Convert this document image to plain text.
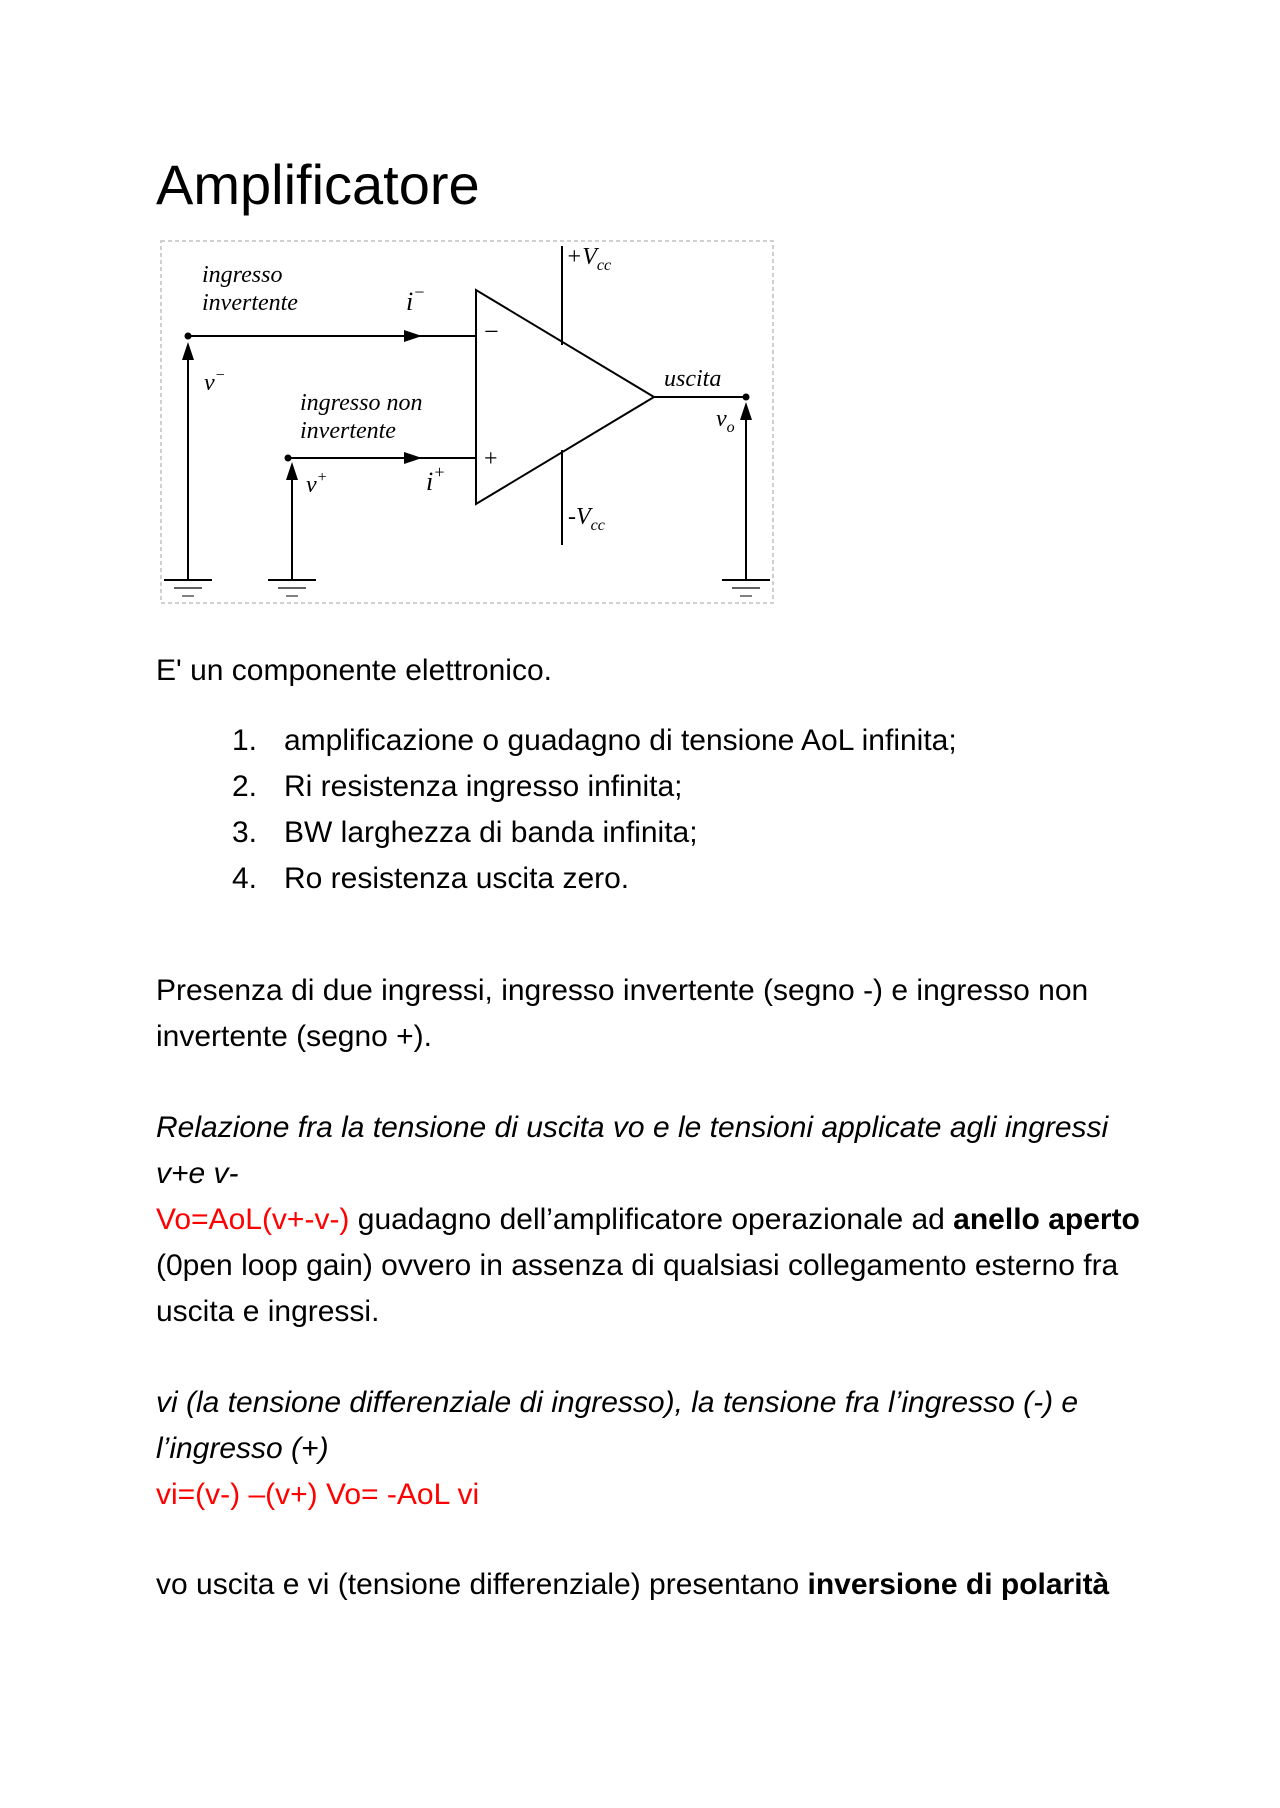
Amplificatore
ingresso
invertente	i−
v−
ingresso non
invertente
v+	i+
−
+
$+V_{cc}$
$-V_{cc}$
uscita
$v_o$

E' un componente elettronico.

1. amplificazione o guadagno di tensione AoL infinita;
2. Ri resistenza ingresso infinita;
3. BW larghezza di banda infinita;
4. Ro resistenza uscita zero.

Presenza di due ingressi, ingresso invertente (segno -) e ingresso non invertente (segno +).

Relazione fra la tensione di uscita vo e le tensioni applicate agli ingressi v+e v-
Vo=AoL(v+-v-) guadagno dell’amplificatore operazionale ad anello aperto (0pen loop gain) ovvero in assenza di qualsiasi collegamento esterno fra uscita e ingressi.

vi (la tensione differenziale di ingresso), la tensione fra l’ingresso (-) e l’ingresso (+)
vi=(v-) –(v+) Vo= -AoL vi

vo uscita e vi (tensione differenziale) presentano inversione di polarità
